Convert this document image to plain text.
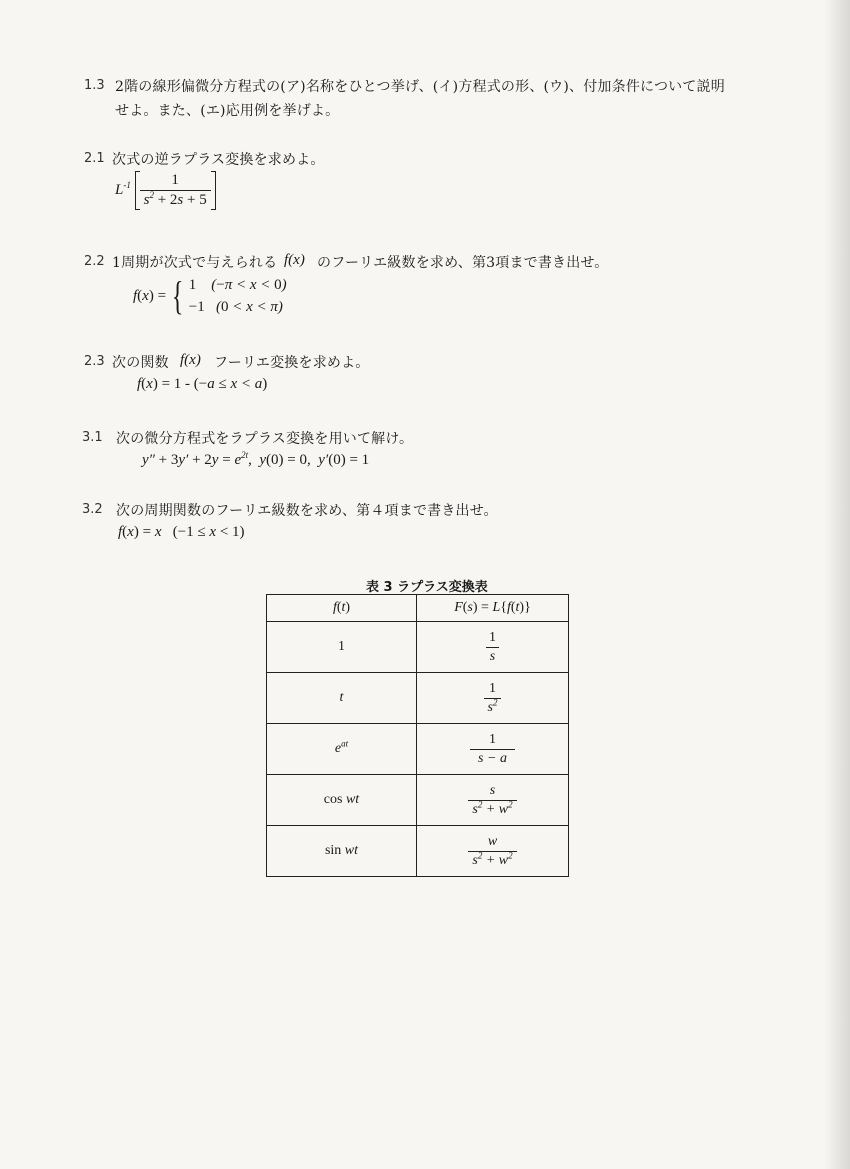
1.3 2階の線形偏微分方程式の(ア)名称をひとつ挙げ、(イ)方程式の形、(ウ)、付加条件について説明
せよ。また、(エ)応用例を挙げよ。
2.1 次式の逆ラプラス変換を求めよ。
$L^{-1} \frac{1}{s^2 + 2s + 5}$
2.2 1周期が次式で与えられる f(x) のフーリエ級数を求め、第3項まで書き出せ。
f(x) = { 1    (−π < x < 0)
−1   (0 < x < π)
2.3 次の関数 f(x) フーリエ変換を求めよ。
f(x) = 1 - (−a ≤ x < a)
3.1 次の微分方程式をラプラス変換を用いて解け。
$y'' + 3y' + 2y = e^{2t}$,  y(0) = 0,  y′(0) = 1
3.2 次の周期関数のフーリエ級数を求め、第４項まで書き出せ。
f(x) = x   (−1 ≤ x < 1)
表 3 ラプラス変換表
f(t)	F(s) = L{f(t)}
1	$\frac{1}{s}$

t	$\frac{1}{s^2}$

$e^{at}$	$\frac{1}{s - a}$

cos wt	$\frac{s}{s^2 + w^2}$

sin wt	$\frac{w}{s^2 + w^2}$
